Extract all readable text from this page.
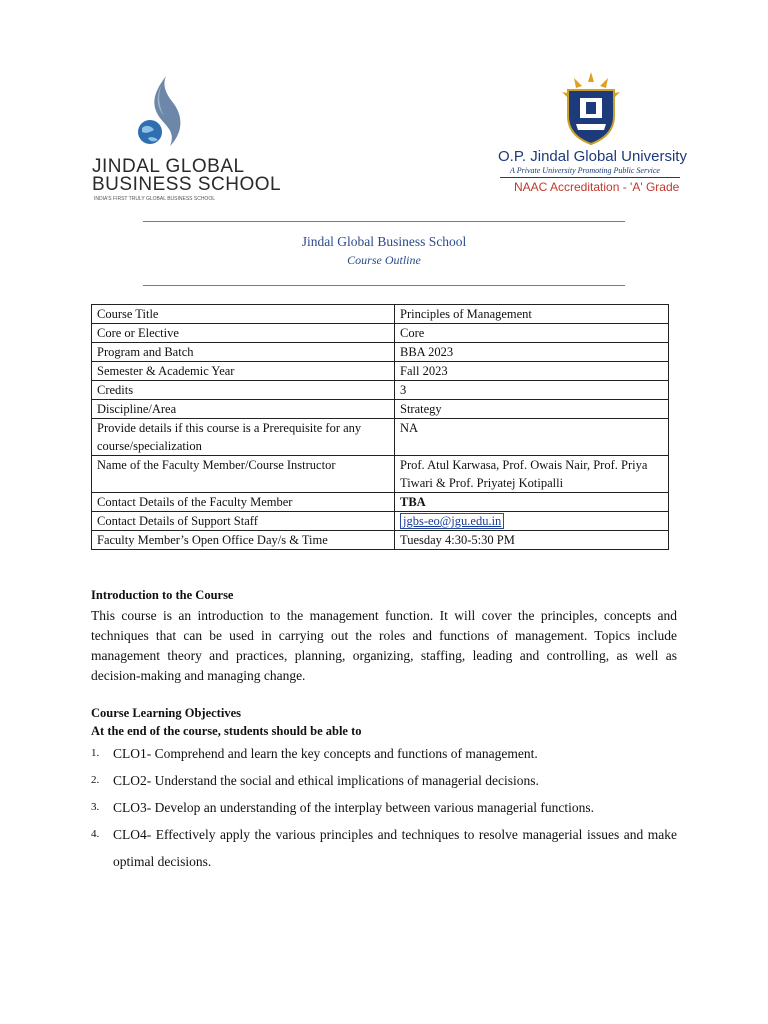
JINDAL GLOBAL
BUSINESS SCHOOL
INDIA'S FIRST TRULY GLOBAL BUSINESS SCHOOL
O.P. Jindal Global University
A Private University Promoting Public Service
NAAC Accreditation - 'A' Grade
Jindal Global Business School
Course Outline
Course Title	Principles of Management
Core or Elective	Core
Program and Batch	BBA 2023
Semester & Academic Year	Fall 2023
Credits	3
Discipline/Area	Strategy
Provide details if this course is a Prerequisite for any course/specialization	NA
Name of the Faculty Member/Course Instructor	Prof. Atul Karwasa, Prof. Owais Nair, Prof. Priya Tiwari & Prof. Priyatej Kotipalli
Contact Details of the Faculty Member	TBA
Contact Details of Support Staff	jgbs-eo@jgu.edu.in
Faculty Member’s Open Office Day/s & Time	Tuesday 4:30-5:30 PM
Introduction to the Course

This course is an introduction to the management function. It will cover the principles, concepts and techniques that can be used in carrying out the roles and functions of management. Topics include management theory and practices, planning, organizing, staffing, leading and controlling, as well as decision-making and managing change.

Course Learning Objectives
At the end of the course, students should be able to
1. CLO1- Comprehend and learn the key concepts and functions of management.
2. CLO2- Understand the social and ethical implications of managerial decisions.
3. CLO3- Develop an understanding of the interplay between various managerial functions.
4. CLO4- Effectively apply the various principles and techniques to resolve managerial issues and make optimal decisions.
